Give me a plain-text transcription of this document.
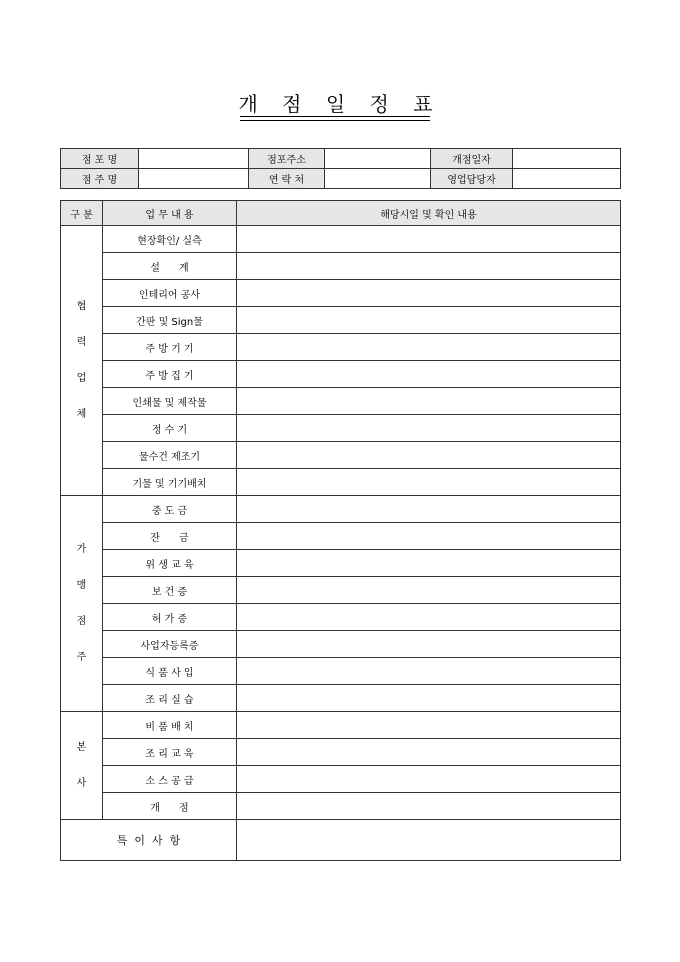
개 점 일 정 표
점 포 명		점포주소		개점일자	
점 주 명		연 락 처		영업담당자	
구 분	업 무 내 용	해당시일 및 확인 내용

협
력
업
체	현장확인/ 실측	
	설      계	
	인테리어 공사	
	간판 및 Sign물	
	주 방 기 기	
	주 방 집 기	
	인쇄물 및 제작물	
	정 수 기	
	물수건 제조기	
	기물 및 기기배치	

가
맹
점
주	중 도 금	
	잔      금	
	위 생 교 육	
	보 건 증	
	허 가 증	
	사업자등록증	
	식 품 사 입	
	조 리 실 습	

본
사	비 품 배 치	
	조 리 교 육	
	소 스 공 급	
	개      점	
특  이  사  항		
